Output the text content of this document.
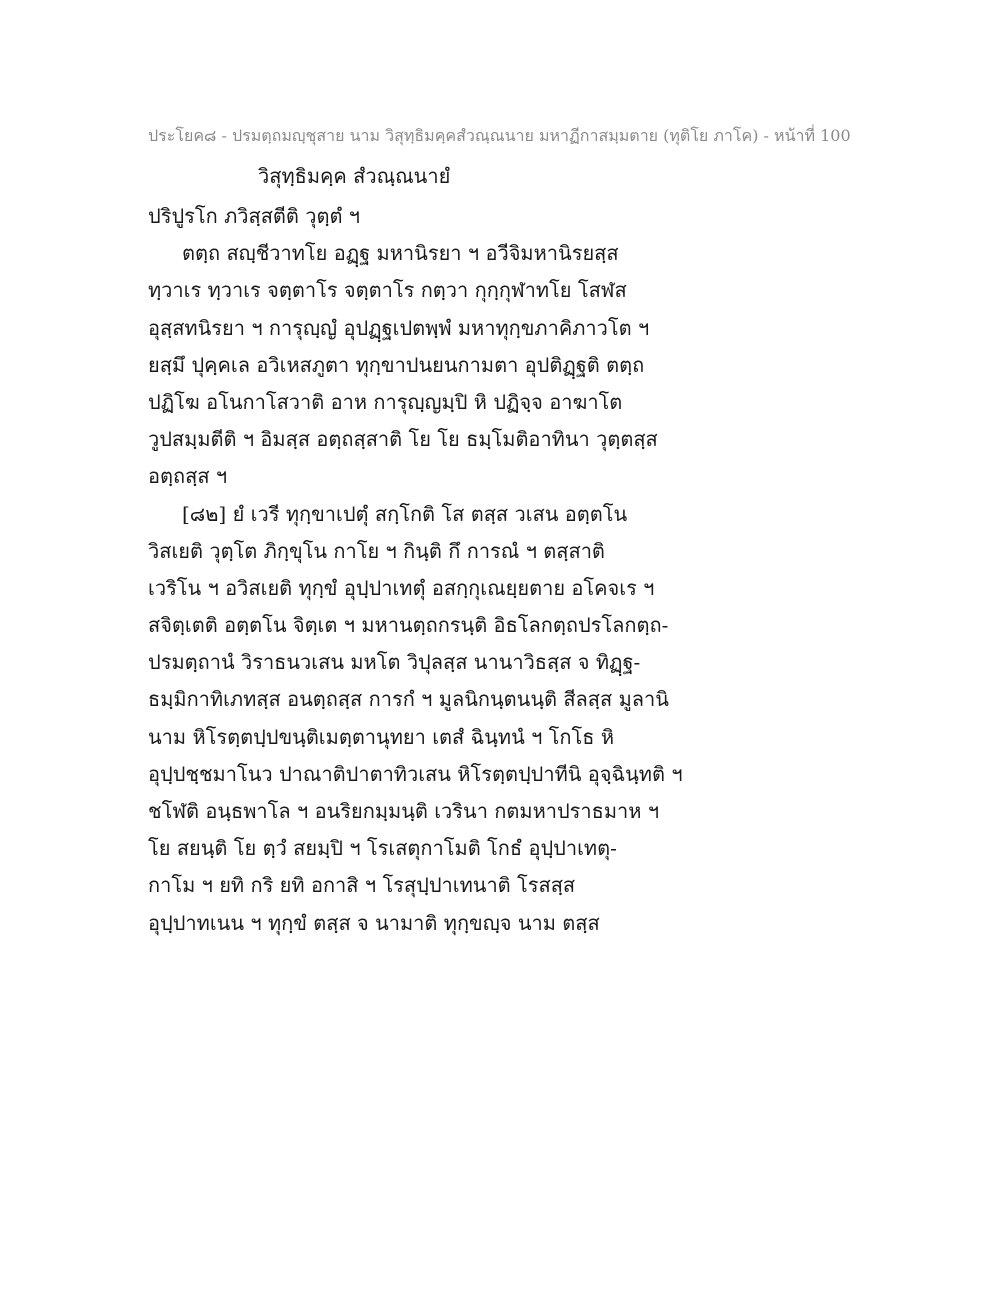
ประโยค๘ - ปรมตฺถมญฺชุสาย นาม วิสุทฺธิมคฺคสํวณฺณนาย มหาฏีกาสมฺมตาย (ทุติโย ภาโค) - หน้าที่ 100
วิสุทฺธิมคฺค สํวณฺณนายํ
ปริปูรโก ภวิสฺสตีติ วุตฺตํ ฯ
ตตฺถ สญฺชีวาทโย อฏฺฐ มหานิรยา ฯ อวีจิมหานิรยสฺส
ทฺวาเร ทฺวาเร จตฺตาโร จตฺตาโร กตฺวา กุกฺกุฬาทโย โสฬส
อุสฺสทนิรยา ฯ การุญฺญํ อุปฏฺฐเปตพฺพํ มหาทุกฺขภาคิภาวโต ฯ
ยสฺมึ ปุคฺคเล อวิเหสภูตา ทุกฺขาปนยนกามตา อุปติฏฺฐติ ตตฺถ
ปฏิโฆ อโนกาโสวาติ อาห การุญฺญมฺปิ หิ ปฏิจฺจ อาฆาโต
วูปสมฺมตีติ ฯ อิมสฺส อตฺถสฺสาติ โย โย ธมฺโมติอาทินา วุตฺตสฺส
อตฺถสฺส ฯ
[๘๒] ยํ เวรี ทุกฺขาเปตุํ สกฺโกติ โส ตสฺส วเสน อตฺตโน
วิสเยติ วุตฺโต ภิกฺขุโน กาโย ฯ กินฺติ กึ การณํ ฯ ตสฺสาติ
เวริโน ฯ อวิสเยติ ทุกฺขํ อุปฺปาเทตุํ อสกฺกุเณยฺยตาย อโคจเร ฯ
สจิตฺเตติ อตฺตโน จิตฺเต ฯ มหานตฺถกรนฺติ อิธโลกตฺถปรโลกตฺถ-
ปรมตฺถานํ วิราธนวเสน มหโต วิปุลสฺส นานาวิธสฺส จ ทิฏฺฐ-
ธมฺมิกาทิเภทสฺส อนตฺถสฺส การกํ ฯ มูลนิกนฺตนนฺติ สีลสฺส มูลานิ
นาม หิโรตฺตปฺปขนฺติเมตฺตานุทยา เตสํ ฉินฺทนํ ฯ โกโธ หิ
อุปฺปชฺชมาโนว ปาณาติปาตาทิวเสน หิโรตฺตปฺปาทีนิ อุจฺฉินฺทติ ฯ
ชโฬติ อนฺธพาโล ฯ อนริยกมฺมนฺติ เวรินา กตมหาปราธมาห ฯ
โย สยนฺติ โย ตฺวํ สยมฺปิ ฯ โรเสตุกาโมติ โกธํ อุปฺปาเทตุ-
กาโม ฯ ยทิ กริ ยทิ อกาสิ ฯ โรสุปฺปาเทนาติ โรสสฺส
อุปฺปาทเนน ฯ ทุกฺขํ ตสฺส จ นามาติ ทุกฺขญฺจ นาม ตสฺส
